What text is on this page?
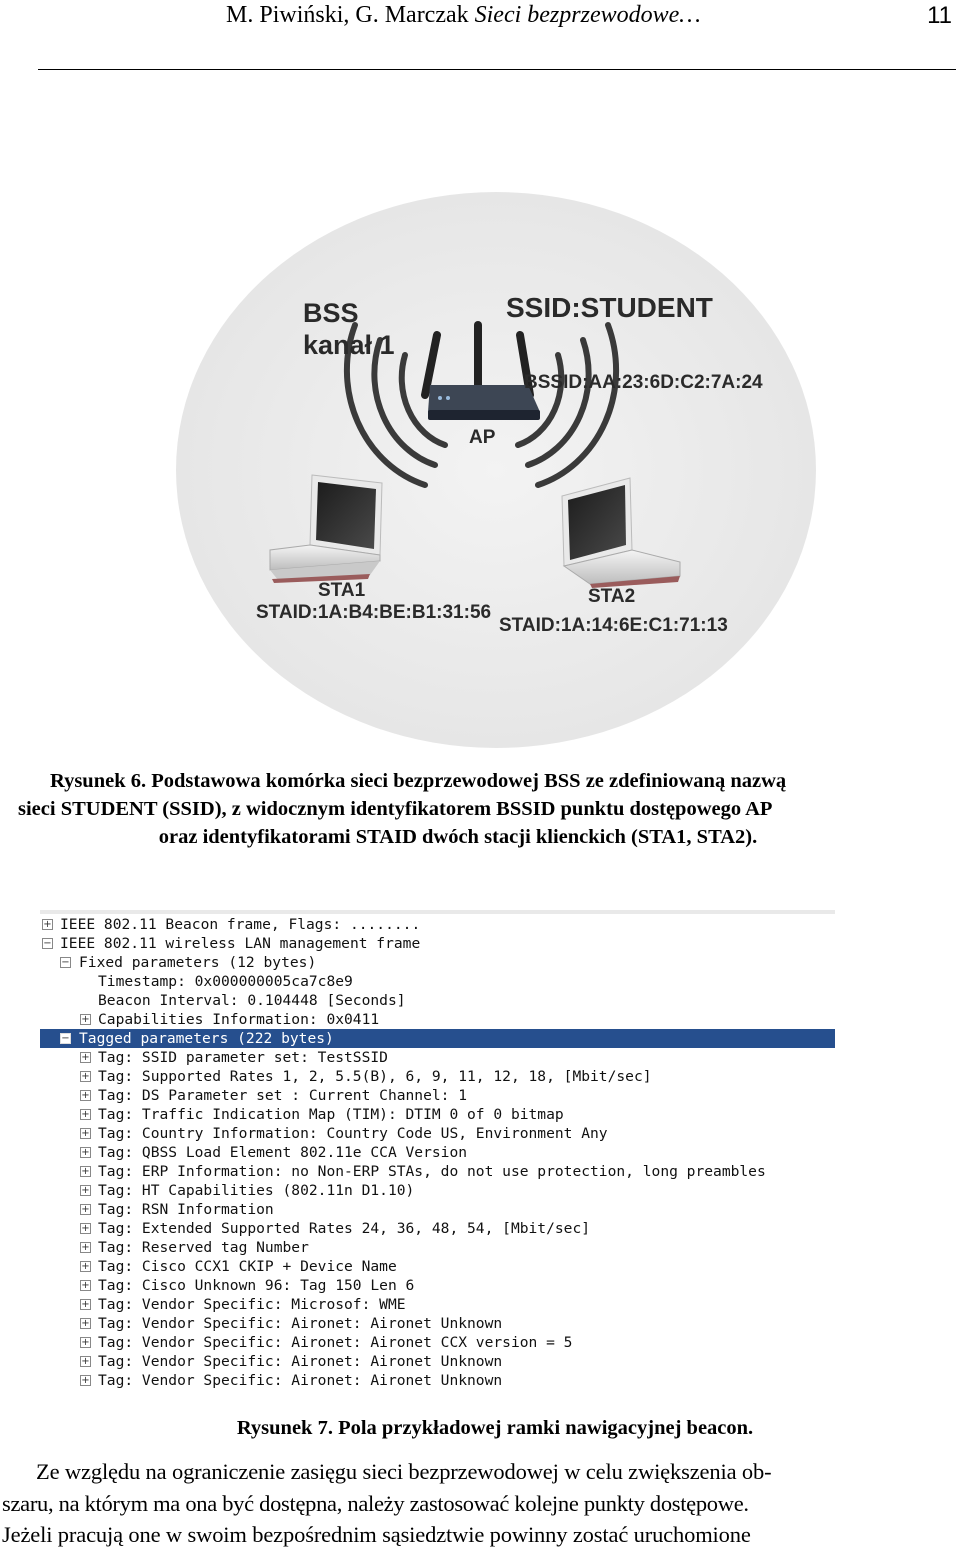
M. Piwiński, G. Marczak Sieci bezprzewodowe…	11
BSS
kanał 1
SSID:STUDENT
BSSID:AA:23:6D:C2:7A:24
AP
STA1
STAID:1A:B4:BE:B1:31:56
STA2
STAID:1A:14:6E:C1:71:13
Rysunek 6. Podstawowa komórka sieci bezprzewodowej BSS ze zdefiniowaną nazwą
sieci STUDENT (SSID), z widocznym identyfikatorem BSSID punktu dostępowego AP
oraz identyfikatorami STAID dwóch stacji klienckich (STA1, STA2).
+ IEEE 802.11 Beacon frame, Flags: ........
− IEEE 802.11 wireless LAN management frame
− Fixed parameters (12 bytes)
Timestamp: 0x000000005ca7c8e9
Beacon Interval: 0.104448 [Seconds]
+ Capabilities Information: 0x0411
− Tagged parameters (222 bytes)
+ Tag: SSID parameter set: TestSSID
+ Tag: Supported Rates 1, 2, 5.5(B), 6, 9, 11, 12, 18, [Mbit/sec]
+ Tag: DS Parameter set : Current Channel: 1
+ Tag: Traffic Indication Map (TIM): DTIM 0 of 0 bitmap
+ Tag: Country Information: Country Code US, Environment Any
+ Tag: QBSS Load Element 802.11e CCA Version
+ Tag: ERP Information: no Non-ERP STAs, do not use protection, long preambles
+ Tag: HT Capabilities (802.11n D1.10)
+ Tag: RSN Information
+ Tag: Extended Supported Rates 24, 36, 48, 54, [Mbit/sec]
+ Tag: Reserved tag Number
+ Tag: Cisco CCX1 CKIP + Device Name
+ Tag: Cisco Unknown 96: Tag 150 Len 6
+ Tag: Vendor Specific: Microsof: WME
+ Tag: Vendor Specific: Aironet: Aironet Unknown
+ Tag: Vendor Specific: Aironet: Aironet CCX version = 5
+ Tag: Vendor Specific: Aironet: Aironet Unknown
+ Tag: Vendor Specific: Aironet: Aironet Unknown
Rysunek 7. Pola przykładowej ramki nawigacyjnej beacon.
Ze względu na ograniczenie zasięgu sieci bezprzewodowej w celu zwiększenia ob-
szaru, na którym ma ona być dostępna, należy zastosować kolejne punkty dostępowe.
Jeżeli pracują one w swoim bezpośrednim sąsiedztwie powinny zostać uruchomione
